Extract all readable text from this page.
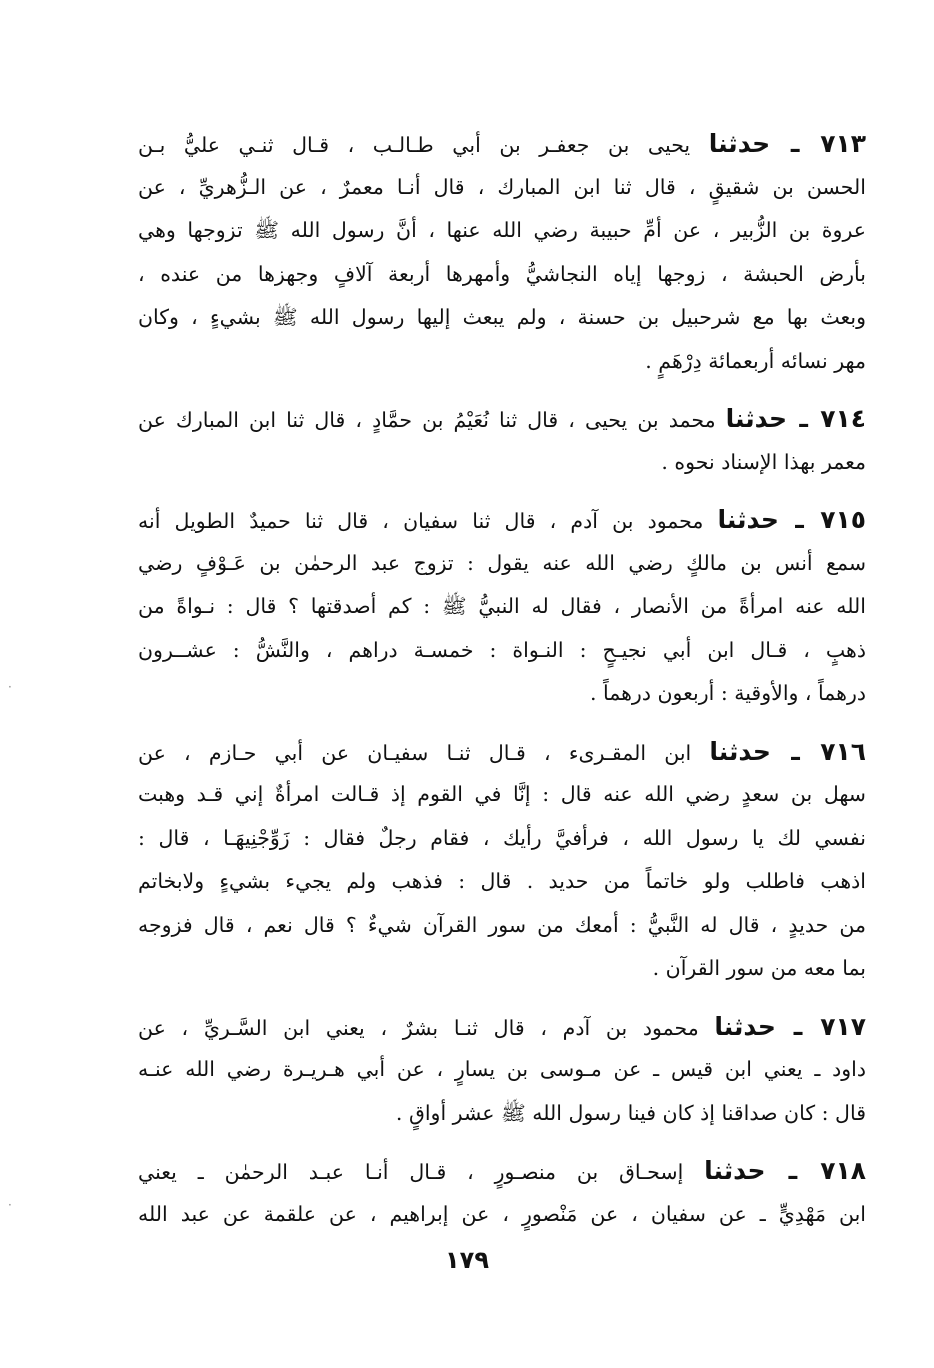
٧١٣ ـ حدثنا يحيى بن جعفـر بن أبي طـالـب ، قـال ثنـي عليُّ بـن
الحسن بن شقيقٍ ، قال ثنا ابن المبارك ، قال أنـا معمرٌ ، عن الـزُّهريِّ ، عن
عروة بن الزُّبير ، عن أمِّ حبيبة رضي الله عنها ، أنَّ رسول الله ﷺ تزوجها وهي
بأرض الحبشة ، زوجها إياه النجاشيُّ وأمهرها أربعة آلافٍ وجهزها من عنده ،
وبعث بها مع شرحبيل بن حسنة ، ولم يبعث إليها رسول الله ﷺ بشيءٍ ، وكان
مهر نسائه أربعمائة دِرْهَمٍ .
٧١٤ ـ حدثنا محمد بن يحيى ، قال ثنا نُعَيْمُ بن حمَّادٍ ، قال ثنا ابن المبارك عن
معمر بهذا الإسناد نحوه .
٧١٥ ـ حدثنا محمود بن آدم ، قال ثنا سفيان ، قال ثنا حميدٌ الطويل أنه
سمع أنس بن مالكٍ رضي الله عنه يقول : تزوج عبد الرحمٰن بن عَـوْفٍ رضي
الله عنه امرأةً من الأنصار ، فقال له النبيُّ ﷺ : كم أصدقتها ؟ قال : نـواةً من
ذهبٍ ، قـال ابن أبي نجيـحٍ : النـواة : خمسـة دراهم ، والنَّشُّ : عشــرون
درهماً ، والأوقية : أربعون درهماً .
٧١٦ ـ حدثنا ابن المقـرىء ، قـال ثنـا سفيـان عن أبي حـازم ، عن
سهل بن سعدٍ رضي الله عنه قال : إنَّا في القوم إذ قـالت امرأةٌ إني قـد وهبت
نفسي لك يا رسول الله ، فرأفيَّ رأيك ، فقام رجلٌ فقال : زَوِّجْنِيهَـا ، قال :
اذهب فاطلب ولو خاتماً من حديد . قال : فذهب ولم يجيء بشيءٍ ولابخاتم
من حديدٍ ، قال له النَّبيُّ : أمعك من سور القرآن شيءٌ ؟ قال نعم ، قال فزوجه
بما معه من سور القرآن .
٧١٧ ـ حدثنا محمود بن آدم ، قال ثنـا بشرٌ ، يعني ابن السَّـريِّ ، عن
داود ـ يعني ابن قيس ـ عن مـوسى بن يسارٍ ، عن أبي هـريـرة رضي الله عنـه
قال : كان صداقنا إذ كان فينا رسول الله ﷺ عشر أواقٍ .
٧١٨ ـ حدثنا إسحـاق بن منصـورٍ ، قـال أنـا عبـد الرحمٰن ـ يعني
ابن مَهْدِيٍّ ـ عن سفيان ، عن مَنْصورٍ ، عن إبراهيم ، عن علقمة عن عبد الله
١٧٩
·
·
